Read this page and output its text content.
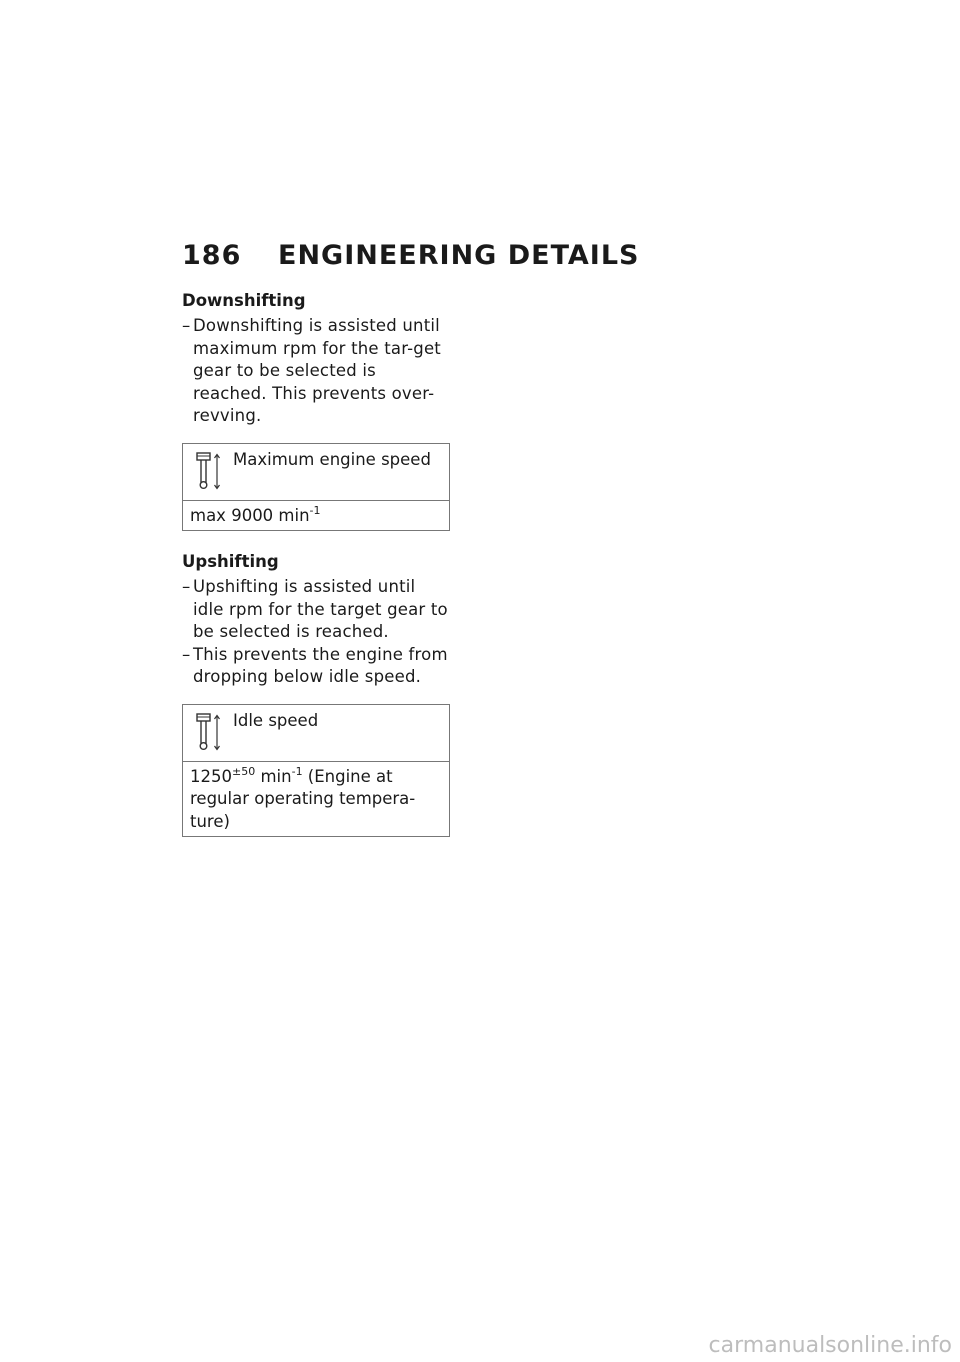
186 ENGINEERING DETAILS
Downshifting
– Downshifting is assisted until maximum rpm for the tar-get gear to be selected is reached. This prevents over-revving.
Maximum engine speed
max 9000 $\min^{-1}$
Upshifting
– Upshifting is assisted until idle rpm for the target gear to be selected is reached.
– This prevents the engine from dropping below idle speed.
Idle speed
$1250^{\pm 50}$ $\min^{-1}$ (Engine at regular operating tempera-ture)
carmanualsonline.info
